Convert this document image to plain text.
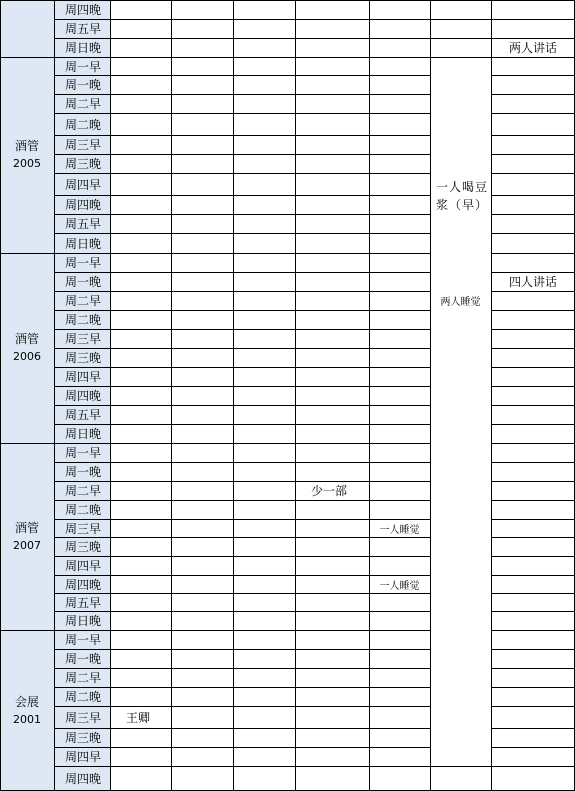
周四晚
周五早
周日晚
酒管
2005
周一早
周一晚
周二早
周二晚
周三早
周三晚
周四早
周四晚
周五早
周日晚
酒管
2006
周一早
周一晚
周二早
周二晚
周三早
周三晚
周四早
周四晚
周五早
周日晚
酒管
2007
周一早
周一晚
周二早
周二晚
周三早
周三晚
周四早
周四晚
周五早
周日晚
会展
2001
周一早
周一晚
周二早
周二晚
周三早
周三晚
周四早
周四晚
一人喝豆浆（早）
两人讲话
两人睡觉
四人讲话
少一部
一人睡觉
一人睡觉
王卿
